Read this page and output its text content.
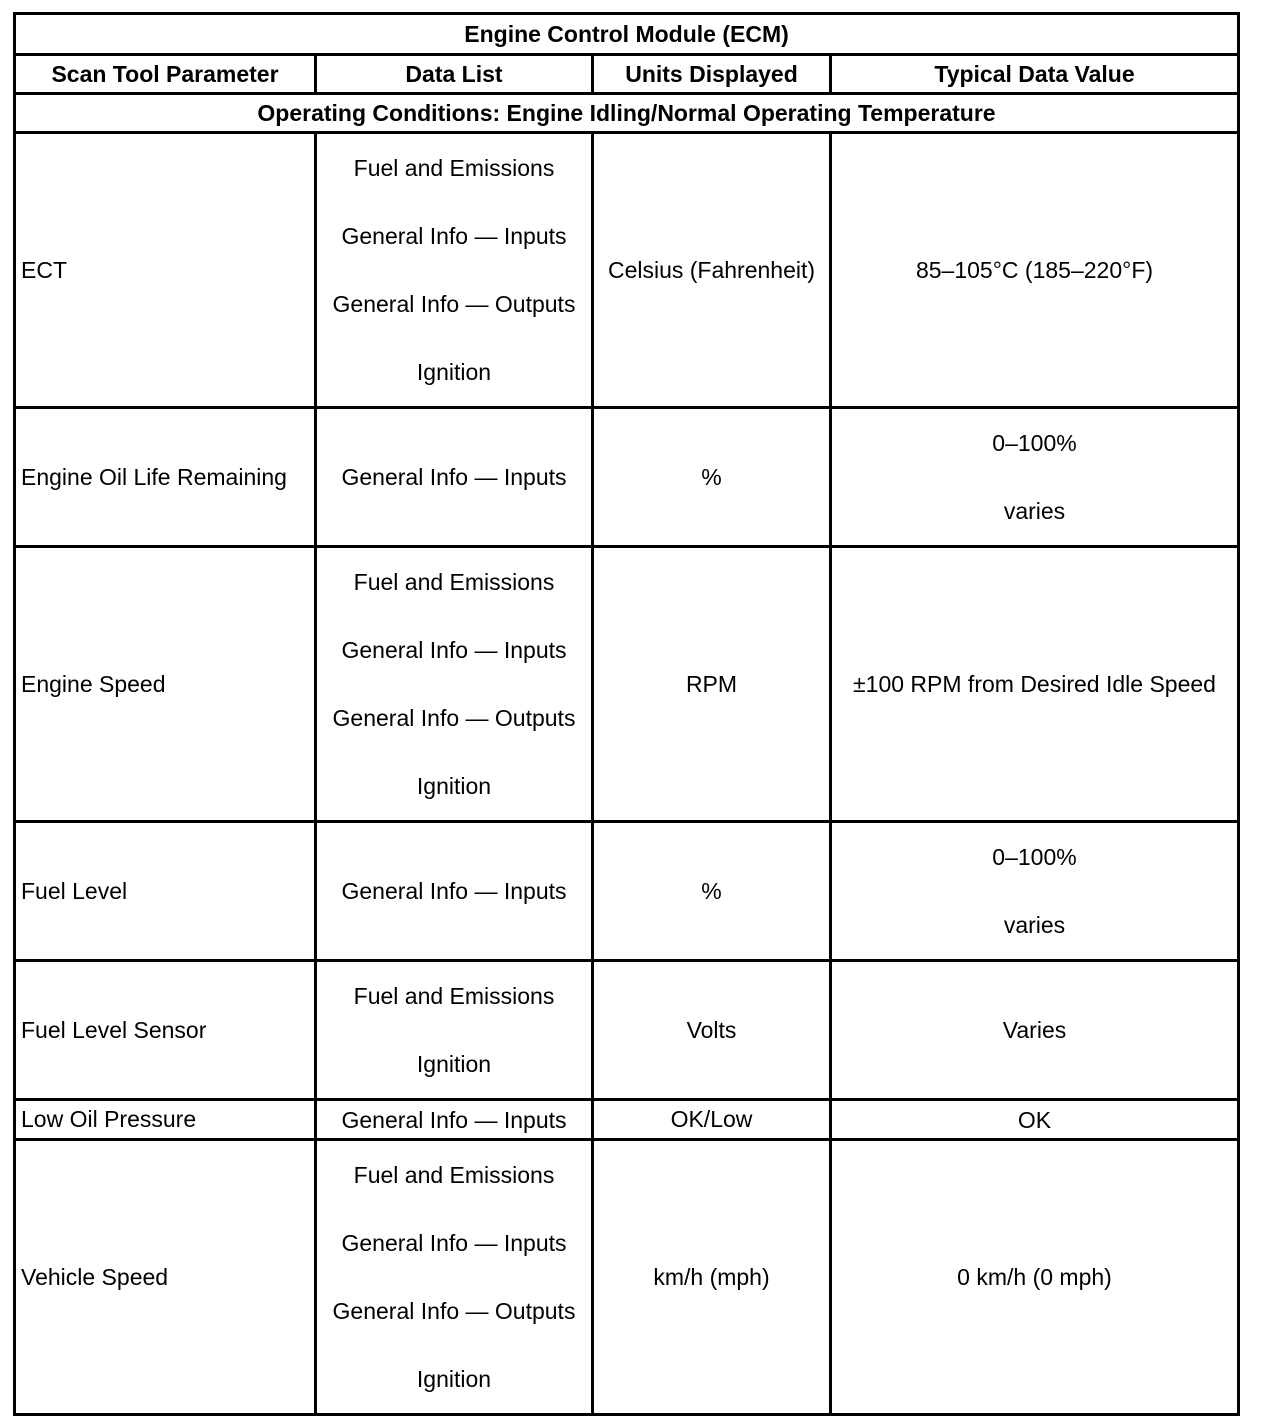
Engine Control Module (ECM)			
Scan Tool Parameter	Data List	Units Displayed	Typical Data Value
Operating Conditions: Engine Idling/Normal Operating Temperature			
ECT	Fuel and Emissions
General Info — Inputs
General Info — Outputs
Ignition	Celsius (Fahrenheit)	85–105°C (185–220°F)

Engine Oil Life Remaining	General Info — Inputs	%	0–100%
varies

Engine Speed	Fuel and Emissions
General Info — Inputs
General Info — Outputs
Ignition	RPM	±100 RPM from Desired Idle Speed

Fuel Level	General Info — Inputs	%	0–100%
varies

Fuel Level Sensor	Fuel and Emissions
Ignition	Volts	Varies

Low Oil Pressure	General Info — Inputs	OK/Low	OK

Vehicle Speed	Fuel and Emissions
General Info — Inputs
General Info — Outputs
Ignition	km/h (mph)	0 km/h (0 mph)
